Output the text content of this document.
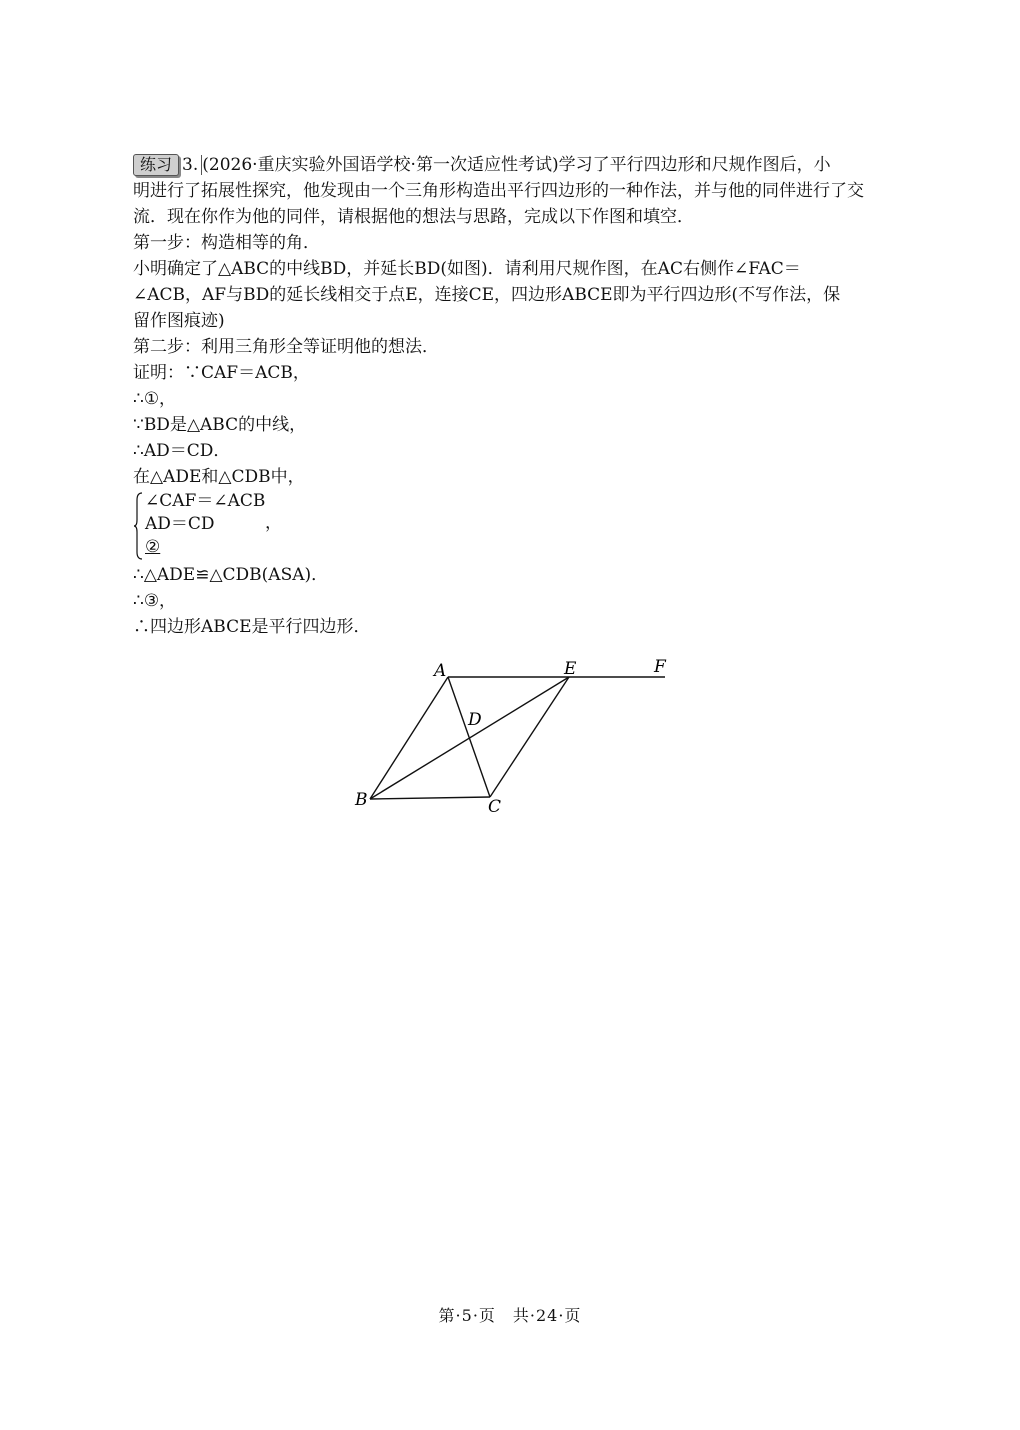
练习 3. (2026·重庆实验外国语学校·第一次适应性考试)学习了平行四边形和尺规作图后，小
明进行了拓展性探究，他发现由一个三角形构造出平行四边形的一种作法，并与他的同伴进行了交
流．现在你作为他的同伴，请根据他的想法与思路，完成以下作图和填空．
第一步：构造相等的角．
小明确定了△ABC的中线BD，并延长BD(如图)．请利用尺规作图，在AC右侧作∠FAC＝
∠ACB，AF与BD的延长线相交于点E，连接CE，四边形ABCE即为平行四边形(不写作法，保
留作图痕迹)
第二步：利用三角形全等证明他的想法．
证明：∵CAF＝ACB，
∴①，
∵BD是△ABC的中线，
∴AD＝CD．
在△ADE和△CDB中，
∠CAF＝∠ACB
AD＝CD
②
，
∴△ADE≌△CDB(ASA)．
∴③，
∴四边形ABCE是平行四边形．
A	E	F
D
B	C
第·5·页　共·24·页
